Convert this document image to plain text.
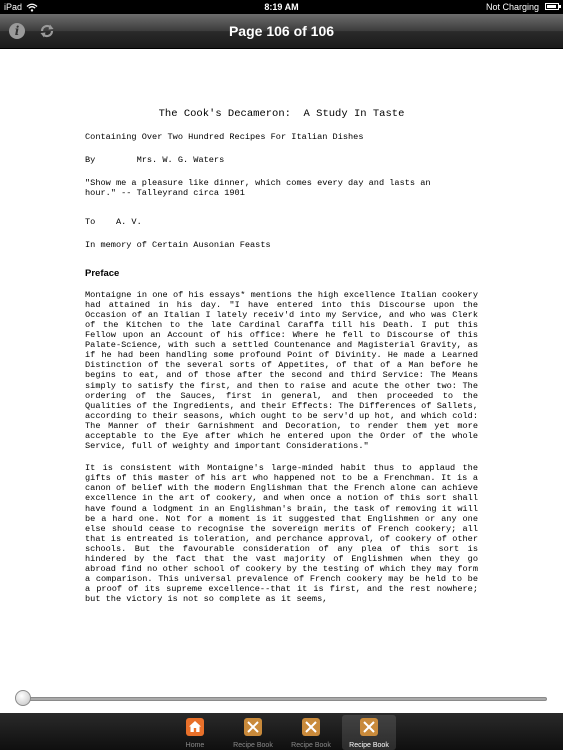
iPad	8:19 AM	Not Charging
i	Page 106 of 106

The Cook's Decameron:  A Study In Taste

Containing Over Two Hundred Recipes For Italian Dishes

By        Mrs. W. G. Waters

"Show me a pleasure like dinner, which comes every day and lasts an

hour." -- Talleyrand circa 1901

To    A. V.

In memory of Certain Ausonian Feasts

Preface

Montaigne in one of his essays* mentions the high excellence Italian cookery had attained in his day. "I have entered into this Discourse upon the Occasion of an Italian I lately receiv'd into my Service, and who was Clerk of the Kitchen to the late Cardinal Caraffa till his Death. I put this Fellow upon an Account of his office: Where he fell to Discourse of this Palate-Science, with such a settled Countenance and Magisterial Gravity, as if he had been handling some profound Point of Divinity. He made a Learned Distinction of the several sorts of Appetites, of that of a Man before he begins to eat, and of those after the second and third Service: The Means simply to satisfy the first, and then to raise and acute the other two: The ordering of the Sauces, first in general, and then proceeded to the Qualities of the Ingredients, and their Effects: The Differences of Sallets, according to their seasons, which ought to be serv'd up hot, and which cold: The Manner of their Garnishment and Decoration, to render them yet more acceptable to the Eye after which he entered upon the Order of the whole Service, full of weighty and important Considerations."

It is consistent with Montaigne's large-minded habit thus to applaud the gifts of this master of his art who happened not to be a Frenchman. It is a canon of belief with the modern Englishman that the French alone can achieve excellence in the art of cookery, and when once a notion of this sort shall have found a lodgment in an Englishman's brain, the task of removing it will be a hard one. Not for a moment is it suggested that Englishmen or any one else should cease to recognise the sovereign merits of French cookery; all that is entreated is toleration, and perchance approval, of cookery of other schools. But the favourable consideration of any plea of this sort is hindered by the fact that the vast majority of Englishmen when they go abroad find no other school of cookery by the testing of which they may form a comparison. This universal prevalence of French cookery may be held to be a proof of its supreme excellence--that it is first, and the rest nowhere; but the victory is not so complete as it seems,

Home	Recipe Book	Recipe Book	Recipe Book
